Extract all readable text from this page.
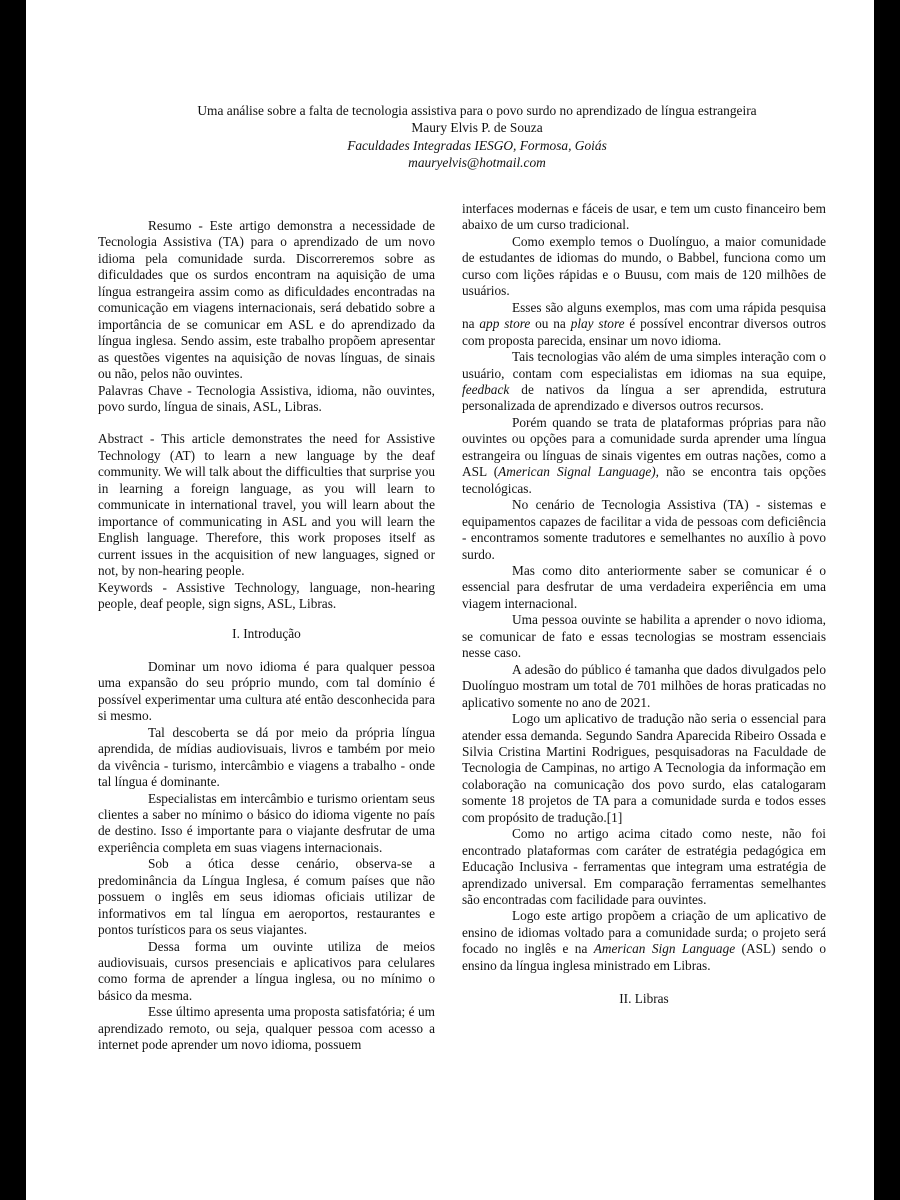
Uma análise sobre a falta de tecnologia assistiva para o povo surdo no aprendizado de língua estrangeira
Maury Elvis P. de Souza
Faculdades Integradas IESGO, Formosa, Goiás
mauryelvis@hotmail.com

Resumo - Este artigo demonstra a necessidade de Tecnologia Assistiva (TA) para o aprendizado de um novo idioma pela comunidade surda. Discorreremos sobre as dificuldades que os surdos encontram na aquisição de uma língua estrangeira assim como as dificuldades encontradas na comunicação em viagens internacionais, será debatido sobre a importância de se comunicar em ASL e do aprendizado da língua inglesa. Sendo assim, este trabalho propõem apresentar as questões vigentes na aquisição de novas línguas, de sinais ou não, pelos não ouvintes.

Palavras Chave - Tecnologia Assistiva, idioma, não ouvintes, povo surdo, língua de sinais, ASL, Libras.

Abstract - This article demonstrates the need for Assistive Technology (AT) to learn a new language by the deaf community. We will talk about the difficulties that surprise you in learning a foreign language, as you will learn to communicate in international travel, you will learn about the importance of communicating in ASL and you will learn the English language. Therefore, this work proposes itself as current issues in the acquisition of new languages, signed or not, by non-hearing people.

Keywords - Assistive Technology, language, non-hearing people, deaf people, sign signs, ASL, Libras.

I. Introdução

Dominar um novo idioma é para qualquer pessoa uma expansão do seu próprio mundo, com tal domínio é possível experimentar uma cultura até então desconhecida para si mesmo.

Tal descoberta se dá por meio da própria língua aprendida, de mídias audiovisuais, livros e também por meio da vivência - turismo, intercâmbio e viagens a trabalho - onde tal língua é dominante.

Especialistas em intercâmbio e turismo orientam seus clientes a saber no mínimo o básico do idioma vigente no país de destino. Isso é importante para o viajante desfrutar de uma experiência completa em suas viagens internacionais.

Sob a ótica desse cenário, observa-se a predominância da Língua Inglesa, é comum países que não possuem o inglês em seus idiomas oficiais utilizar de informativos em tal língua em aeroportos, restaurantes e pontos turísticos para os seus viajantes.

Dessa forma um ouvinte utiliza de meios audiovisuais, cursos presenciais e aplicativos para celulares como forma de aprender a língua inglesa, ou no mínimo o básico da mesma.

Esse último apresenta uma proposta satisfatória; é um aprendizado remoto, ou seja, qualquer pessoa com acesso a internet pode aprender um novo idioma, possuem

interfaces modernas e fáceis de usar, e tem um custo financeiro bem abaixo de um curso tradicional.

Como exemplo temos o Duolínguo, a maior comunidade de estudantes de idiomas do mundo, o Babbel, funciona como um curso com lições rápidas e o Buusu, com mais de 120 milhões de usuários.

Esses são alguns exemplos, mas com uma rápida pesquisa na app store ou na play store é possível encontrar diversos outros com proposta parecida, ensinar um novo idioma.

Tais tecnologias vão além de uma simples interação com o usuário, contam com especialistas em idiomas na sua equipe, feedback de nativos da língua a ser aprendida, estrutura personalizada de aprendizado e diversos outros recursos.

Porém quando se trata de plataformas próprias para não ouvintes ou opções para a comunidade surda aprender uma língua estrangeira ou línguas de sinais vigentes em outras nações, como a ASL (American Signal Language), não se encontra tais opções tecnológicas.

No cenário de Tecnologia Assistiva (TA) - sistemas e equipamentos capazes de facilitar a vida de pessoas com deficiência - encontramos somente tradutores e semelhantes no auxílio à povo surdo.

Mas como dito anteriormente saber se comunicar é o essencial para desfrutar de uma verdadeira experiência em uma viagem internacional.

Uma pessoa ouvinte se habilita a aprender o novo idioma, se comunicar de fato e essas tecnologias se mostram essenciais nesse caso.

A adesão do público é tamanha que dados divulgados pelo Duolínguo mostram um total de 701 milhões de horas praticadas no aplicativo somente no ano de 2021.

Logo um aplicativo de tradução não seria o essencial para atender essa demanda. Segundo Sandra Aparecida Ribeiro Ossada e Silvia Cristina Martini Rodrigues, pesquisadoras na Faculdade de Tecnologia de Campinas, no artigo A Tecnologia da informação em colaboração na comunicação dos povo surdo, elas catalogaram somente 18 projetos de TA para a comunidade surda e todos esses com propósito de tradução.[1]

Como no artigo acima citado como neste, não foi encontrado plataformas com caráter de estratégia pedagógica em Educação Inclusiva - ferramentas que integram uma estratégia de aprendizado universal. Em comparação ferramentas semelhantes são encontradas com facilidade para ouvintes.

Logo este artigo propõem a criação de um aplicativo de ensino de idiomas voltado para a comunidade surda; o projeto será focado no inglês e na American Sign Language (ASL) sendo o ensino da língua inglesa ministrado em Libras.

II. Libras
